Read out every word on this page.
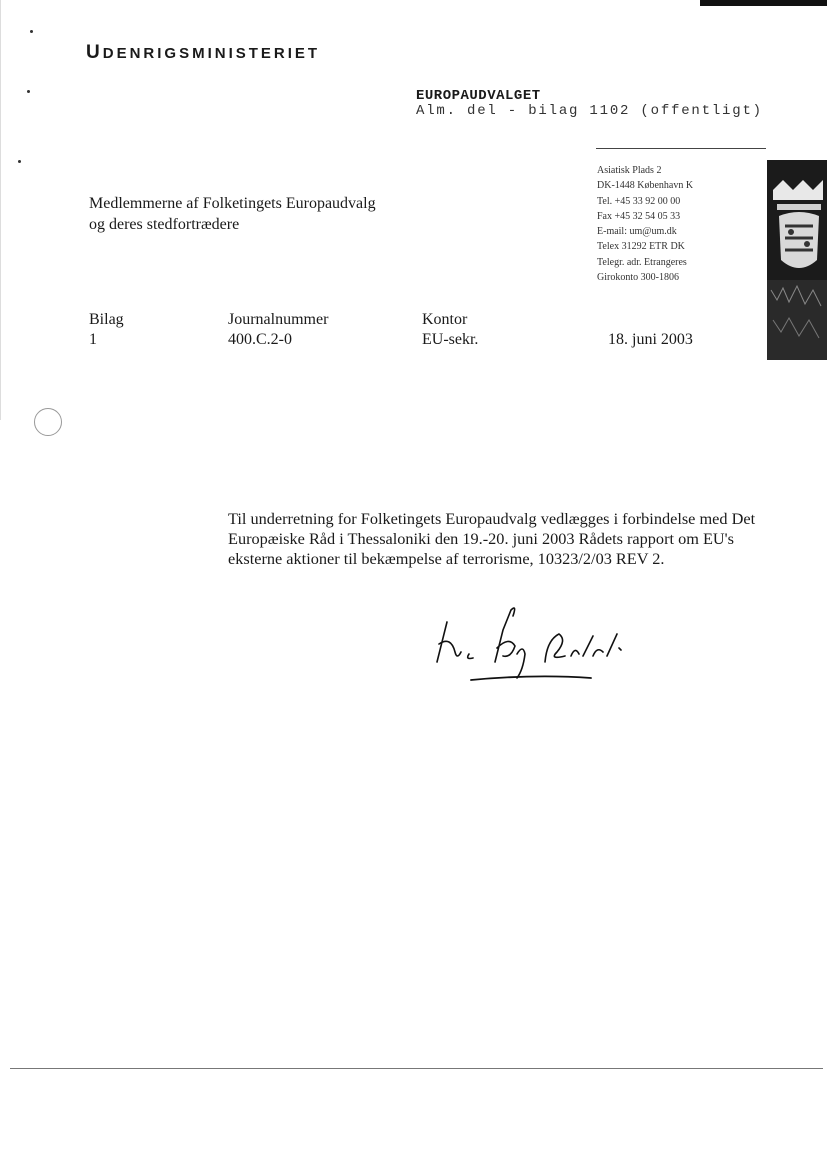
UDENRIGSMINISTERIET
EUROPAUDVALGET
Alm. del - bilag 1102 (offentligt)
Asiatisk Plads 2
DK-1448 København K
Tel. +45 33 92 00 00
Fax +45 32 54 05 33
E-mail: um@um.dk
Telex 31292 ETR DK
Telegr. adr. Etrangeres
Girokonto 300-1806
Medlemmerne af Folketingets Europaudvalg
og deres stedfortrædere
Bilag
1
Journalnummer
400.C.2-0
Kontor
EU-sekr.	18. juni 2003
Til underretning for Folketingets Europaudvalg vedlægges i forbindelse med Det Europæiske Råd i Thessaloniki den 19.-20. juni 2003 Rådets rapport om EU's eksterne aktioner til bekæmpelse af terrorisme, 10323/2/03 REV 2.
